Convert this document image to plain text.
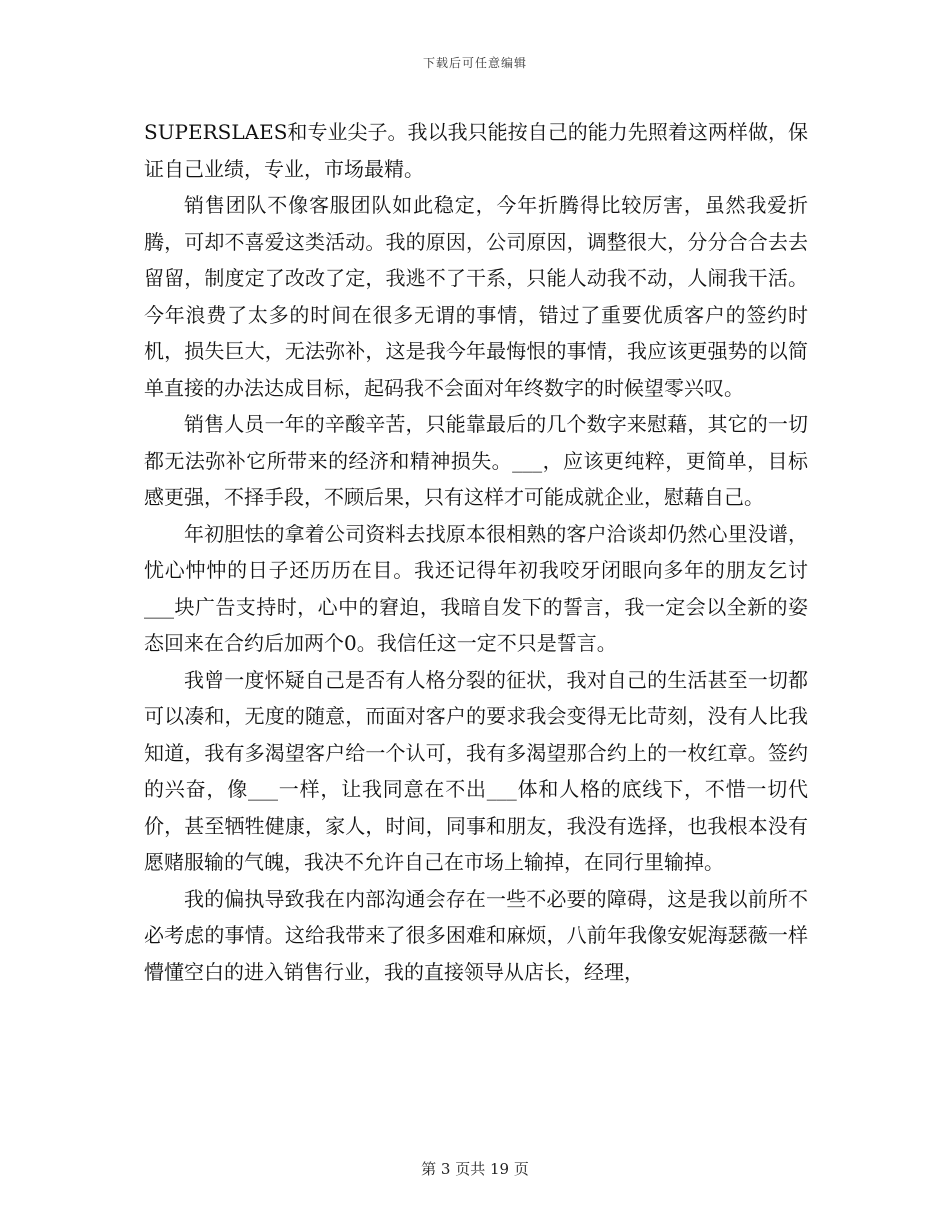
下载后可任意编辑

SUPERSLAES和专业尖子。我以我只能按自己的能力先照着这两样做，保证自己业绩，专业，市场最精。

销售团队不像客服团队如此稳定，今年折腾得比较厉害，虽然我爱折腾，可却不喜爱这类活动。我的原因，公司原因，调整很大，分分合合去去留留，制度定了改改了定，我逃不了干系，只能人动我不动，人闹我干活。今年浪费了太多的时间在很多无谓的事情，错过了重要优质客户的签约时机，损失巨大，无法弥补，这是我今年最悔恨的事情，我应该更强势的以简单直接的办法达成目标，起码我不会面对年终数字的时候望零兴叹。

销售人员一年的辛酸辛苦，只能靠最后的几个数字来慰藉，其它的一切都无法弥补它所带来的经济和精神损失。___，应该更纯粹，更简单，目标感更强，不择手段，不顾后果，只有这样才可能成就企业，慰藉自己。

年初胆怯的拿着公司资料去找原本很相熟的客户洽谈却仍然心里没谱，忧心忡忡的日子还历历在目。我还记得年初我咬牙闭眼向多年的朋友乞讨___块广告支持时，心中的窘迫，我暗自发下的誓言，我一定会以全新的姿态回来在合约后加两个0。我信任这一定不只是誓言。

我曾一度怀疑自己是否有人格分裂的征状，我对自己的生活甚至一切都可以凑和，无度的随意，而面对客户的要求我会变得无比苛刻，没有人比我知道，我有多渴望客户给一个认可，我有多渴望那合约上的一枚红章。签约的兴奋，像___一样，让我同意在不出___体和人格的底线下，不惜一切代价，甚至牺牲健康，家人，时间，同事和朋友，我没有选择，也我根本没有愿赌服输的气魄，我决不允许自己在市场上输掉，在同行里输掉。

我的偏执导致我在内部沟通会存在一些不必要的障碍，这是我以前所不必考虑的事情。这给我带来了很多困难和麻烦，八前年我像安妮海瑟薇一样懵懂空白的进入销售行业，我的直接领导从店长，经理，

第 3 页共 19 页
